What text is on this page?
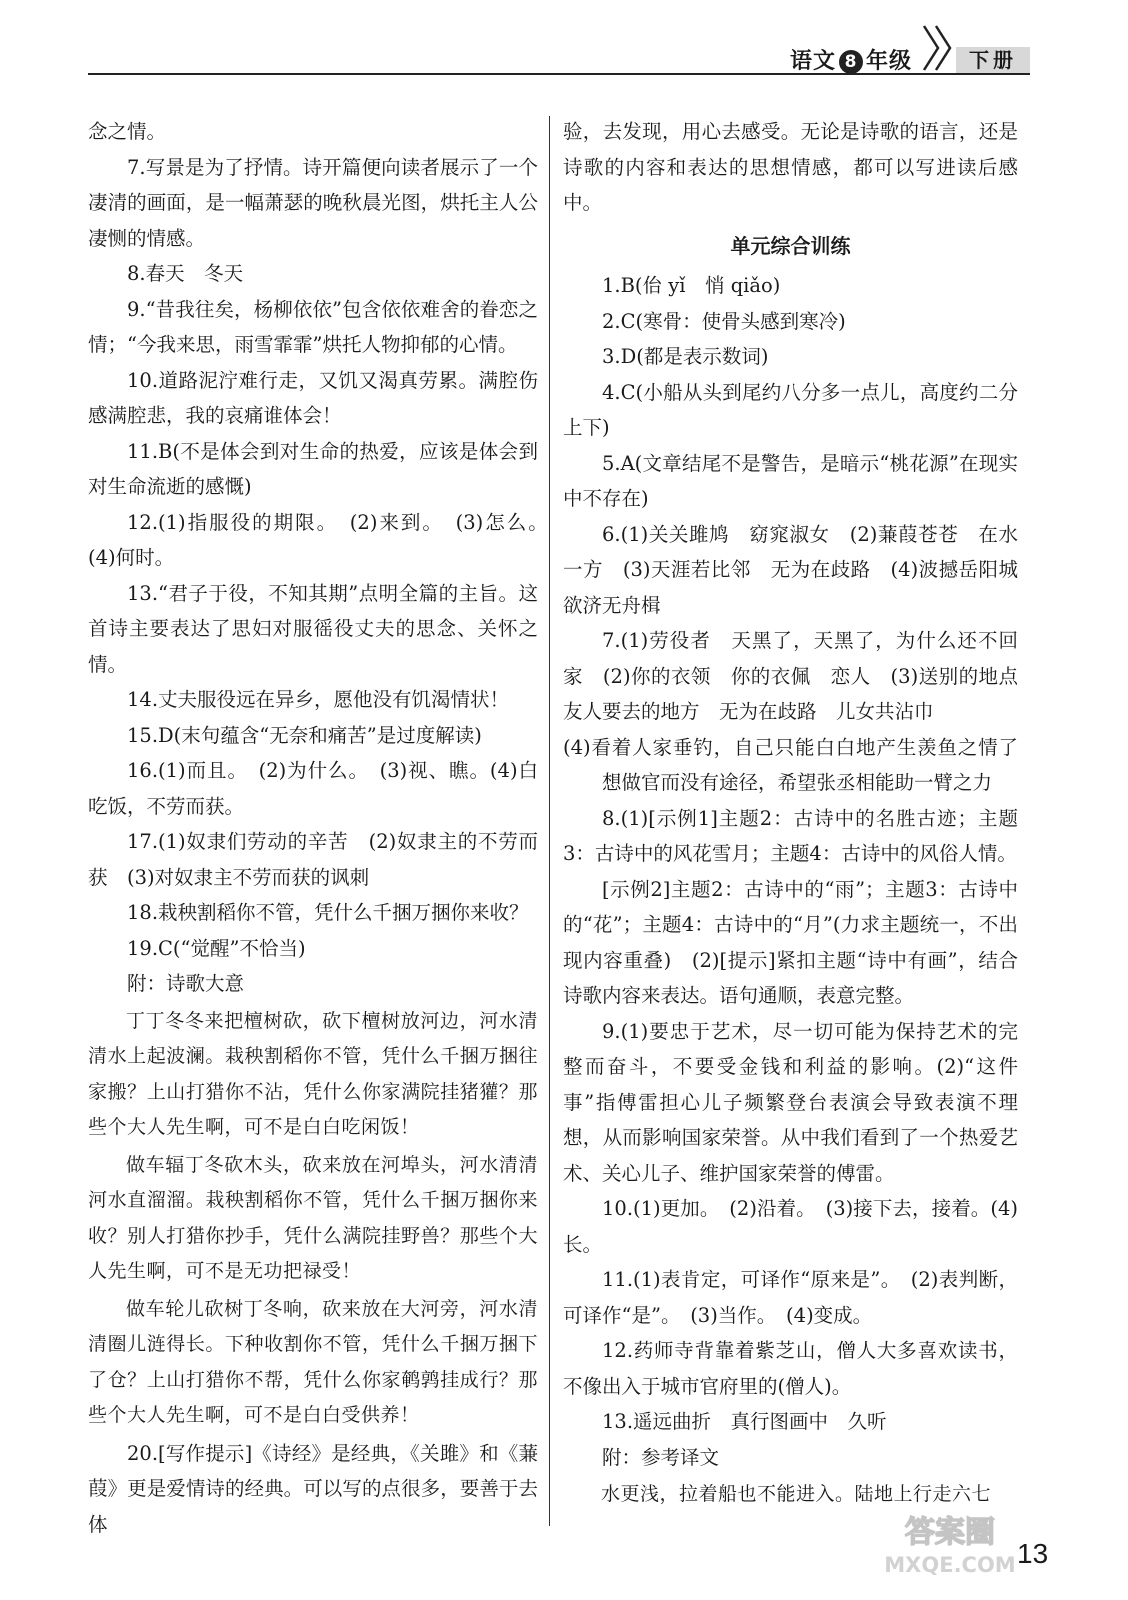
语文 8 年级	下册

念之情。

7.写景是为了抒情。诗开篇便向读者展示了一个凄清的画面，是一幅萧瑟的晚秋晨光图，烘托主人公凄恻的情感。

8.春天　冬天

9.“昔我往矣，杨柳依依”包含依依难舍的眷恋之情；“今我来思，雨雪霏霏”烘托人物抑郁的心情。

10.道路泥泞难行走，又饥又渴真劳累。满腔伤感满腔悲，我的哀痛谁体会！

11.B(不是体会到对生命的热爱，应该是体会到对生命流逝的感慨)

12.(1)指服役的期限。　(2)来到。　(3)怎么。　(4)何时。

13.“君子于役，不知其期”点明全篇的主旨。这首诗主要表达了思妇对服徭役丈夫的思念、关怀之情。

14.丈夫服役远在异乡，愿他没有饥渴情状！

15.D(末句蕴含“无奈和痛苦”是过度解读)

16.(1)而且。　(2)为什么。　(3)视、瞧。(4)白吃饭，不劳而获。

17.(1)奴隶们劳动的辛苦　(2)奴隶主的不劳而获　(3)对奴隶主不劳而获的讽刺

18.栽秧割稻你不管，凭什么千捆万捆你来收？

19.C(“觉醒”不恰当)

附：诗歌大意

丁丁冬冬来把檀树砍，砍下檀树放河边，河水清清水上起波澜。栽秧割稻你不管，凭什么千捆万捆往家搬？上山打猎你不沾，凭什么你家满院挂猪獾？那些个大人先生啊，可不是白白吃闲饭！

做车辐丁冬砍木头，砍来放在河埠头，河水清清河水直溜溜。栽秧割稻你不管，凭什么千捆万捆你来收？别人打猎你抄手，凭什么满院挂野兽？那些个大人先生啊，可不是无功把禄受！

做车轮儿砍树丁冬响，砍来放在大河旁，河水清清圈儿涟得长。下种收割你不管，凭什么千捆万捆下了仓？上山打猎你不帮，凭什么你家鹌鹑挂成行？那些个大人先生啊，可不是白白受供养！

20.[写作提示]《诗经》是经典，《关雎》和《蒹葭》更是爱情诗的经典。可以写的点很多，要善于去体

验，去发现，用心去感受。无论是诗歌的语言，还是诗歌的内容和表达的思想情感，都可以写进读后感中。

单元综合训练

1.B(佁 yǐ　悄 qiǎo)

2.C(寒骨：使骨头感到寒冷)

3.D(都是表示数词)

4.C(小船从头到尾约八分多一点儿，高度约二分上下)

5.A(文章结尾不是警告，是暗示“桃花源”在现实中不存在)

6.(1)关关雎鸠　窈窕淑女　(2)蒹葭苍苍　在水一方　(3)天涯若比邻　无为在歧路　(4)波撼岳阳城　欲济无舟楫

7.(1)劳役者　天黑了，天黑了，为什么还不回家　(2)你的衣领　你的衣佩　恋人　(3)送别的地点　友人要去的地方　无为在歧路　儿女共沾巾

(4)看着人家垂钓，自己只能白白地产生羡鱼之情了　想做官而没有途径，希望张丞相能助一臂之力

8.(1)[示例1]主题2：古诗中的名胜古迹；主题3：古诗中的风花雪月；主题4：古诗中的风俗人情。

[示例2]主题2：古诗中的“雨”；主题3：古诗中的“花”；主题4：古诗中的“月”(力求主题统一，不出现内容重叠)　(2)[提示]紧扣主题“诗中有画”，结合诗歌内容来表达。语句通顺，表意完整。

9.(1)要忠于艺术，尽一切可能为保持艺术的完整而奋斗，不要受金钱和利益的影响。(2)“这件事”指傅雷担心儿子频繁登台表演会导致表演不理想，从而影响国家荣誉。从中我们看到了一个热爱艺术、关心儿子、维护国家荣誉的傅雷。

10.(1)更加。　(2)沿着。　(3)接下去，接着。(4)长。

11.(1)表肯定，可译作“原来是”。　(2)表判断，可译作“是”。　(3)当作。　(4)变成。

12.药师寺背靠着紫芝山，僧人大多喜欢读书，不像出入于城市官府里的(僧人)。

13.遥远曲折　真行图画中　久听

附：参考译文

水更浅，拉着船也不能进入。陆地上行走六七

答案圈
MXQE.COM 13
